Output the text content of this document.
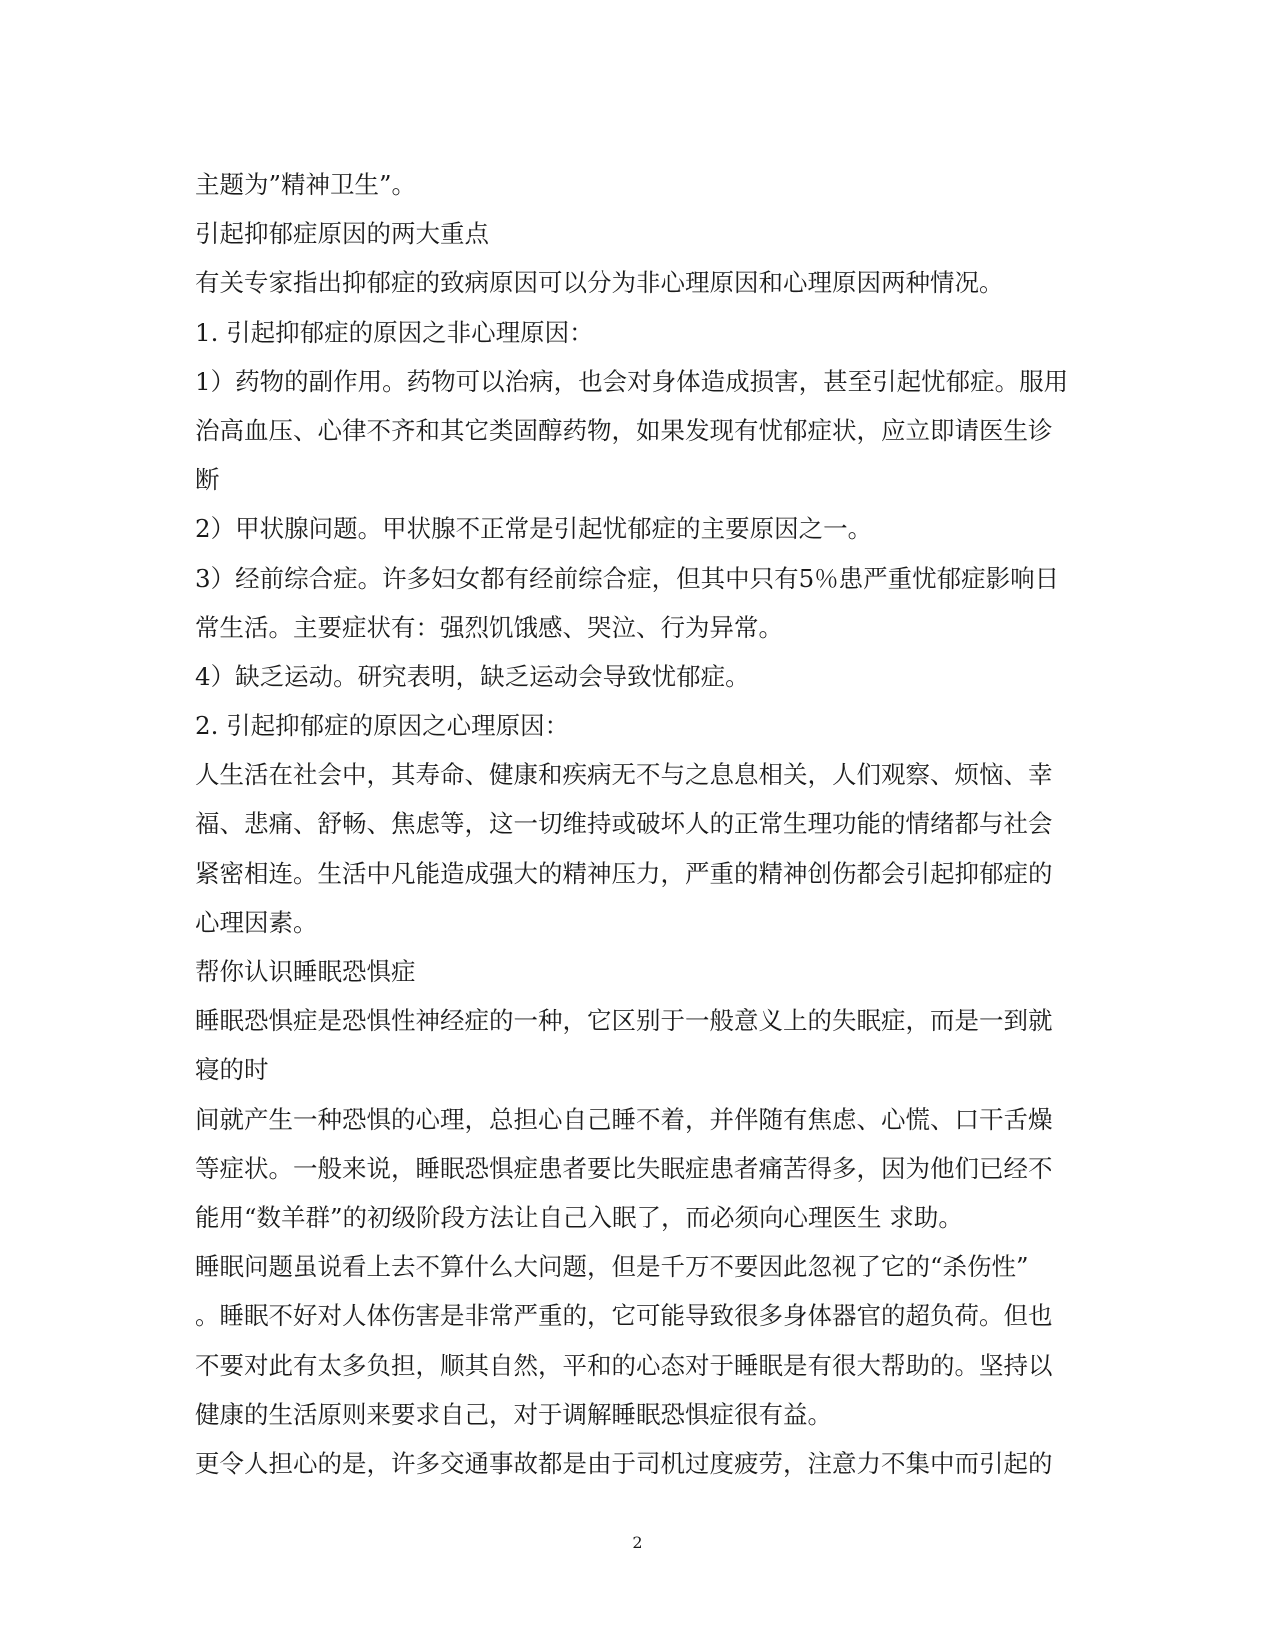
主题为”精神卫生”。
引起抑郁症原因的两大重点
有关专家指出抑郁症的致病原因可以分为非心理原因和心理原因两种情况。
1. 引起抑郁症的原因之非心理原因：
1）药物的副作用。药物可以治病，也会对身体造成损害，甚至引起忧郁症。服用
治高血压、心律不齐和其它类固醇药物，如果发现有忧郁症状，应立即请医生诊
断
2）甲状腺问题。甲状腺不正常是引起忧郁症的主要原因之一。
3）经前综合症。许多妇女都有经前综合症，但其中只有5％患严重忧郁症影响日
常生活。主要症状有：强烈饥饿感、哭泣、行为异常。
4）缺乏运动。研究表明，缺乏运动会导致忧郁症。
2. 引起抑郁症的原因之心理原因：
人生活在社会中，其寿命、健康和疾病无不与之息息相关，人们观察、烦恼、幸
福、悲痛、舒畅、焦虑等，这一切维持或破坏人的正常生理功能的情绪都与社会
紧密相连。生活中凡能造成强大的精神压力，严重的精神创伤都会引起抑郁症的
心理因素。
帮你认识睡眠恐惧症
睡眠恐惧症是恐惧性神经症的一种，它区别于一般意义上的失眠症，而是一到就
寝的时
间就产生一种恐惧的心理，总担心自己睡不着，并伴随有焦虑、心慌、口干舌燥
等症状。一般来说，睡眠恐惧症患者要比失眠症患者痛苦得多，因为他们已经不
能用“数羊群”的初级阶段方法让自己入眠了，而必须向心理医生 求助。
睡眠问题虽说看上去不算什么大问题，但是千万不要因此忽视了它的“杀伤性”
。睡眠不好对人体伤害是非常严重的，它可能导致很多身体器官的超负荷。但也
不要对此有太多负担，顺其自然，平和的心态对于睡眠是有很大帮助的。坚持以
健康的生活原则来要求自己，对于调解睡眠恐惧症很有益。
更令人担心的是，许多交通事故都是由于司机过度疲劳，注意力不集中而引起的
2
